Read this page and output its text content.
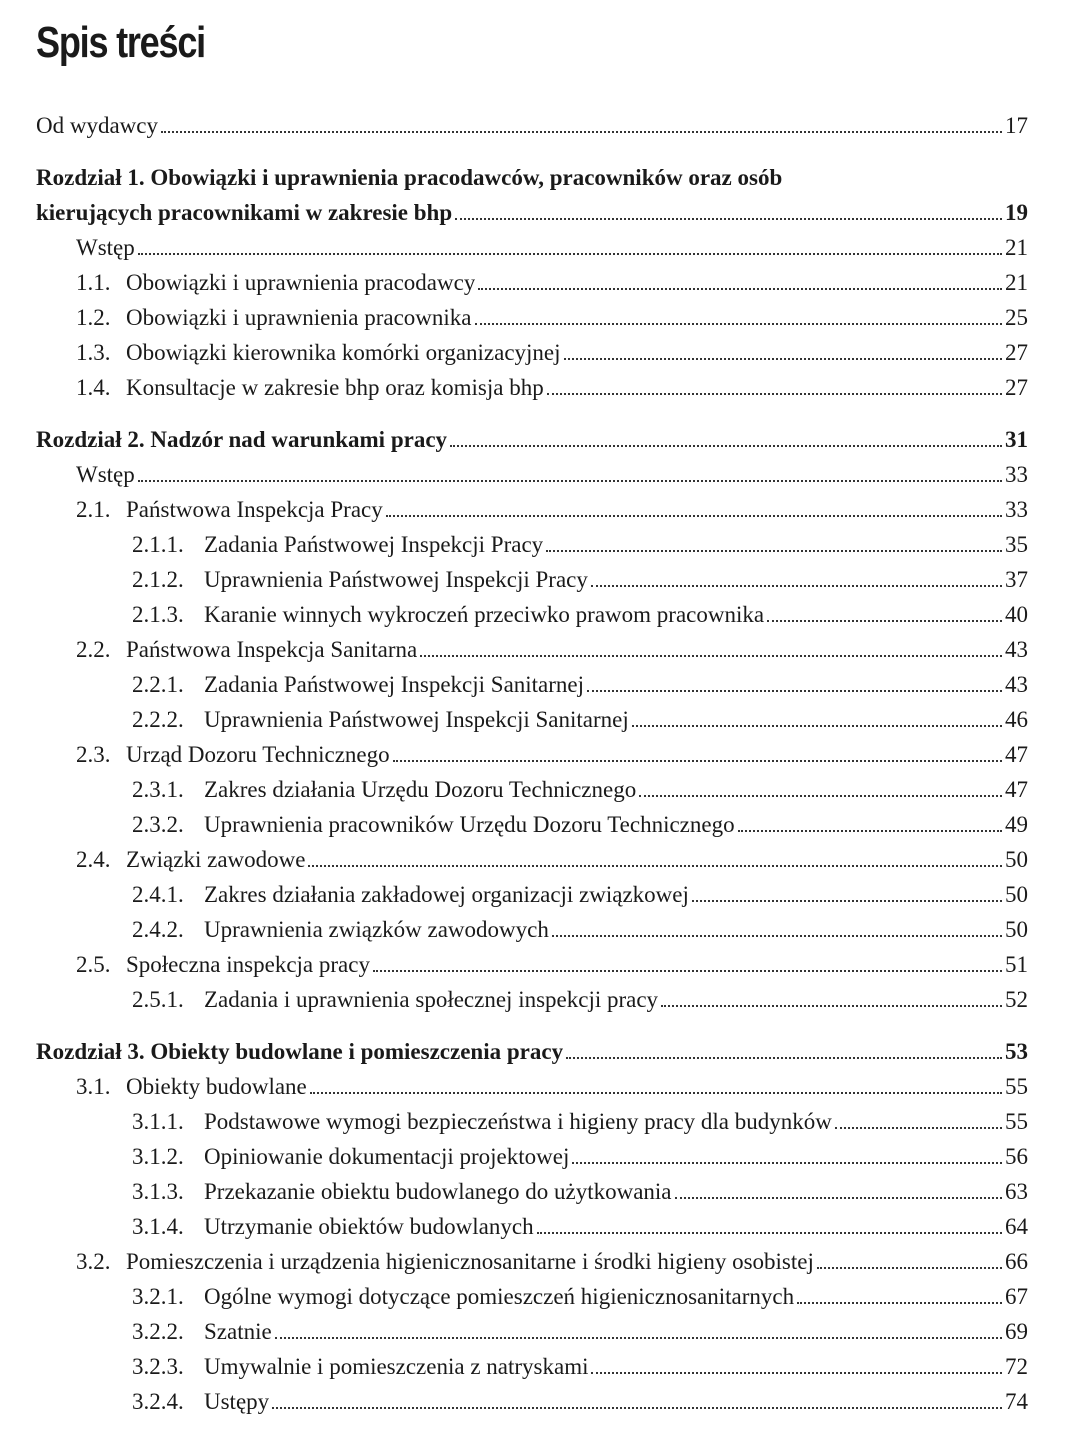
Spis treści
Od wydawcy	17
Rozdział 1. Obowiązki i uprawnienia pracodawców, pracowników oraz osób
kierujących pracownikami w zakresie bhp	19
Wstęp	21
1.1. Obowiązki i uprawnienia pracodawcy	21
1.2. Obowiązki i uprawnienia pracownika	25
1.3. Obowiązki kierownika komórki organizacyjnej	27
1.4. Konsultacje w zakresie bhp oraz komisja bhp	27
Rozdział 2. Nadzór nad warunkami pracy	31
Wstęp	33
2.1. Państwowa Inspekcja Pracy	33
2.1.1. Zadania Państwowej Inspekcji Pracy	35
2.1.2. Uprawnienia Państwowej Inspekcji Pracy	37
2.1.3. Karanie winnych wykroczeń przeciwko prawom pracownika	40
2.2. Państwowa Inspekcja Sanitarna	43
2.2.1. Zadania Państwowej Inspekcji Sanitarnej	43
2.2.2. Uprawnienia Państwowej Inspekcji Sanitarnej	46
2.3. Urząd Dozoru Technicznego	47
2.3.1. Zakres działania Urzędu Dozoru Technicznego	47
2.3.2. Uprawnienia pracowników Urzędu Dozoru Technicznego	49
2.4. Związki zawodowe	50
2.4.1. Zakres działania zakładowej organizacji związkowej	50
2.4.2. Uprawnienia związków zawodowych	50
2.5. Społeczna inspekcja pracy	51
2.5.1. Zadania i uprawnienia społecznej inspekcji pracy	52
Rozdział 3. Obiekty budowlane i pomieszczenia pracy	53
3.1. Obiekty budowlane	55
3.1.1. Podstawowe wymogi bezpieczeństwa i higieny pracy dla budynków	55
3.1.2. Opiniowanie dokumentacji projektowej	56
3.1.3. Przekazanie obiektu budowlanego do użytkowania	63
3.1.4. Utrzymanie obiektów budowlanych	64
3.2. Pomieszczenia i urządzenia higienicznosanitarne i środki higieny osobistej	66
3.2.1. Ogólne wymogi dotyczące pomieszczeń higienicznosanitarnych	67
3.2.2. Szatnie	69
3.2.3. Umywalnie i pomieszczenia z natryskami	72
3.2.4. Ustępy	74
